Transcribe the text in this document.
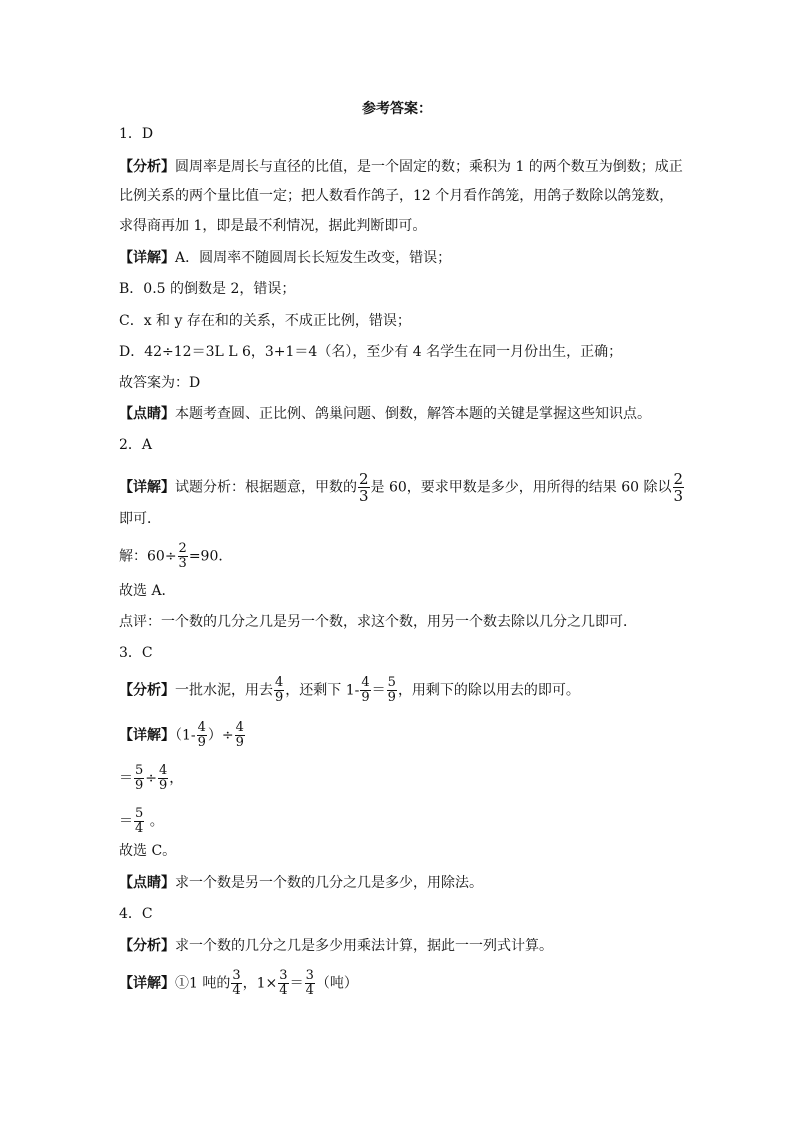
参考答案：
1．D
【分析】圆周率是周长与直径的比值，是一个固定的数；乘积为 1 的两个数互为倒数；成正
比例关系的两个量比值一定；把人数看作鸽子，12 个月看作鸽笼，用鸽子数除以鸽笼数，
求得商再加 1，即是最不利情况，据此判断即可。
【详解】A．圆周率不随圆周长长短发生改变，错误；
B．0.5 的倒数是 2，错误；
C．x 和 y 存在和的关系，不成正比例，错误；
D．42÷12＝3L L 6，3+1＝4（名），至少有 4 名学生在同一月份出生，正确；
故答案为：D
【点睛】本题考查圆、正比例、鸽巢问题、倒数，解答本题的关键是掌握这些知识点。
2．A
【详解】试题分析：根据题意，甲数的 $\frac{2}{3}$ 是 60，要求甲数是多少，用所得的结果 60 除以 $\frac{2}{3}$
即可．
解：$60\div \frac{2}{3} =90$．
故选 A．
点评：一个数的几分之几是另一个数，求这个数，用另一个数去除以几分之几即可．
3．C
【分析】一批水泥，用去 $\frac{4}{9}$ ，还剩下 $1- \frac{4}{9} = \frac{5}{9}$ ，用剩下的除以用去的即可。
【详解】（$1- \frac{4}{9}$ ）÷ $\frac{4}{9}$
＝ $\frac{5}{9} \div \frac{4}{9}$ ，
＝ $\frac{5}{4}$ 。
故选 C。
【点睛】求一个数是另一个数的几分之几是多少，用除法。
4．C
【分析】求一个数的几分之几是多少用乘法计算，据此一一列式计算。
【详解】①1 吨的 $\frac{3}{4}$ ，$1\times \frac{3}{4} = \frac{3}{4}$ （吨）
